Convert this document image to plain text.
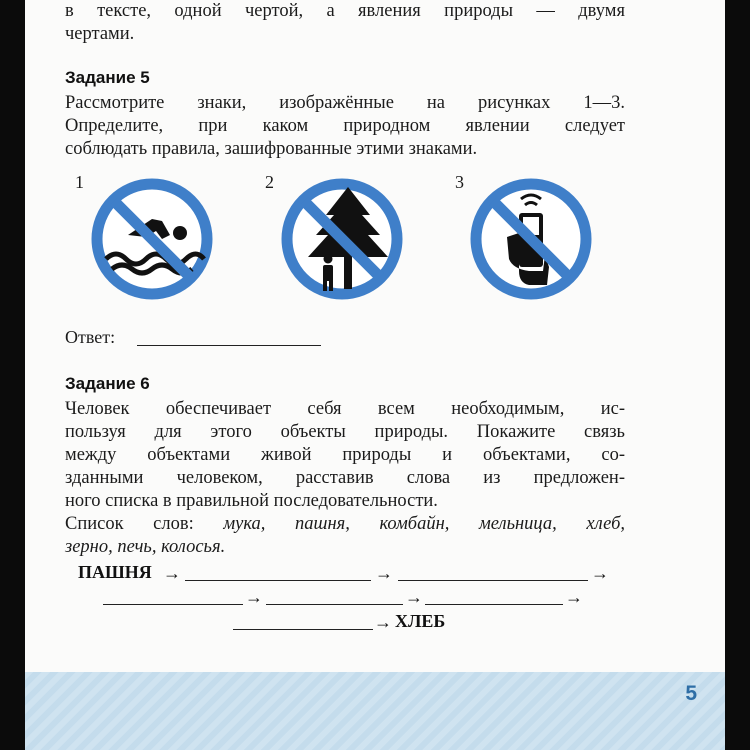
в тексте, одной чертой, а явления природы — двумя
чертами.
Задание 5
Рассмотрите знаки, изображённые на рисунках 1—3.
Определите, при каком природном явлении следует
соблюдать правила, зашифрованные этими знаками.
1	2	3
Ответ:
Задание 6
Человек обеспечивает себя всем необходимым, ис-
пользуя для этого объекты природы. Покажите связь
между объектами живой природы и объектами, со-
зданными человеком, расставив слова из предложен-
ного списка в правильной последовательности.
Список слов: мука, пашня, комбайн, мельница, хлеб,
зерно, печь, колосья.
ПАШНЯ →	→	→
→	→	→
→ ХЛЕБ
5
